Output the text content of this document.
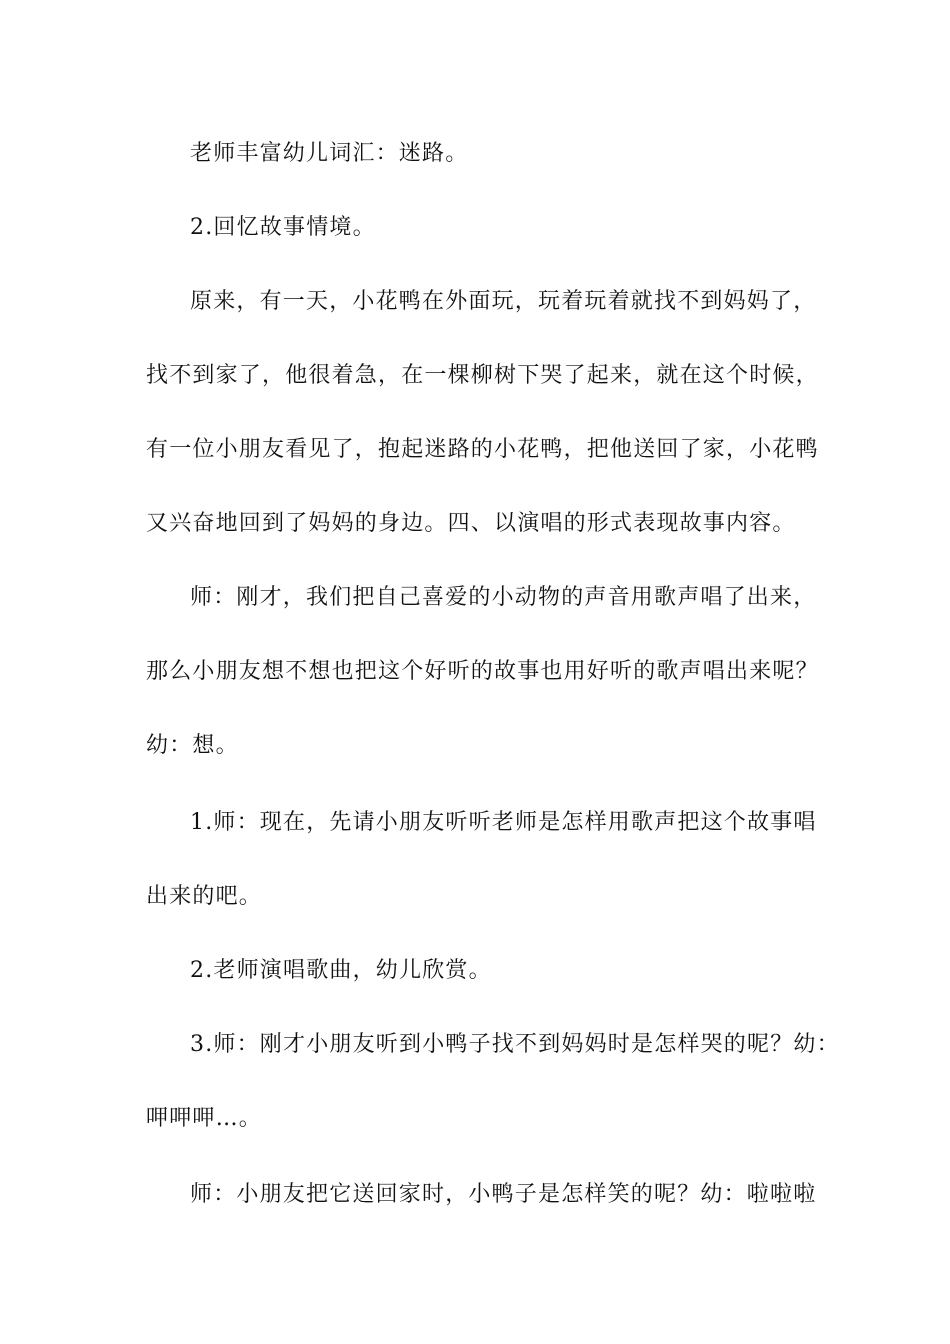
老师丰富幼儿词汇：迷路。
2.回忆故事情境。
原来，有一天，小花鸭在外面玩，玩着玩着就找不到妈妈了，
找不到家了，他很着急，在一棵柳树下哭了起来，就在这个时候，
有一位小朋友看见了，抱起迷路的小花鸭，把他送回了家，小花鸭
又兴奋地回到了妈妈的身边。四、以演唱的形式表现故事内容。
师：刚才，我们把自己喜爱的小动物的声音用歌声唱了出来，
那么小朋友想不想也把这个好听的故事也用好听的歌声唱出来呢？
幼：想。
1.师：现在，先请小朋友听听老师是怎样用歌声把这个故事唱
出来的吧。
2.老师演唱歌曲，幼儿欣赏。
3.师：刚才小朋友听到小鸭子找不到妈妈时是怎样哭的呢？幼：
呷呷呷…。
师：小朋友把它送回家时，小鸭子是怎样笑的呢？幼：啦啦啦
